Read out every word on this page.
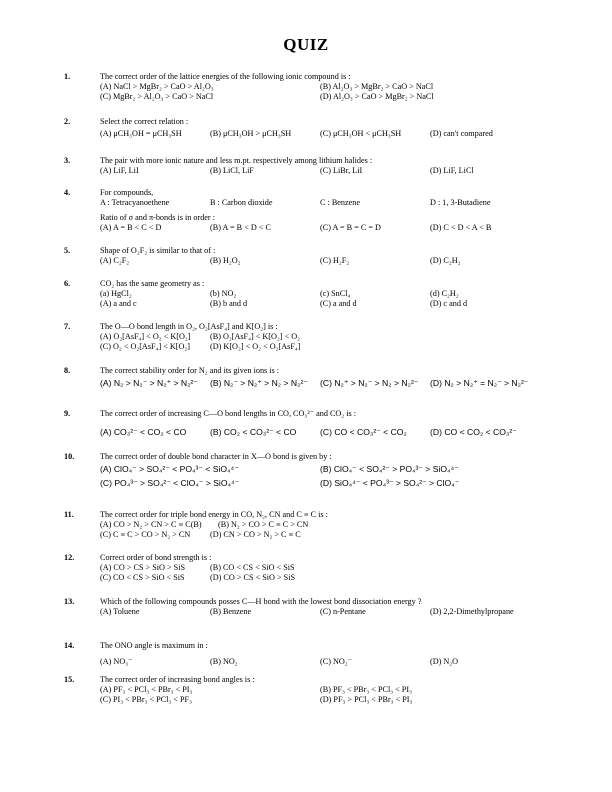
QUIZ
1.	The correct order of the lattice energies of the following ionic compound is :
(A) NaCl > MgBr₂ > CaO > Al₂O₃	(B) Al₂O₃ > MgBr₂ > CaO > NaCl
(C) MgBr₂ > Al₂O₃ > CaO > NaCl	(D) Al₂O₃ > CaO > MgBr₂ > NaCl
2.	Select the correct relation :
(A) μCH₃OH = μCH₃SH	(B) μCH₃OH > μCH₃SH	(C) μCH₃OH < μCH₃SH	(D) can't compared
3.	The pair with more ionic nature and less m.pt. respectively among lithium halides :
(A) LiF, LiI	(B) LiCl, LiF	(C) LiBr, LiI	(D) LiF, LiCl
4.	For compounds,
A : Tetracyanoethene	B : Carbon dioxide	C : Benzene	D : 1, 3-Butadiene
Ratio of σ and π-bonds is in order :
(A) A = B < C < D	(B) A = B < D < C	(C) A = B = C = D	(D) C < D < A < B
5.	Shape of O₂F₂ is similar to that of :
(A) C₂F₂	(B) H₂O₂	(C) H₂F₂	(D) C₂H₂
6.	CO₂ has the same geometry as :
(a) HgCl₂	(b) NO₂	(c) SnCl₄	(d) C₂H₂
(A) a and c	(B) b and d	(C) a and d	(D) c and d
7.	The O—O bond length in O₂, O₂[AsF₄] and K[O₂] is :
(A) O₂[AsF₄] < O₂ < K[O₂] (B) O₂[AsF₄] < K[O₂] < O₂
(C) O₂ < O₂[AsF₄] < K[O₂] (D) K[O₂] < O₂ < O₂[AsF₄]
8.	The correct stability order for N₂ and its given ions is :
(A) N₂ > N₂⁻ > N₂⁺ > N₂²⁻ (B) N₂⁻ > N₂⁺ > N₂ > N₂²⁻ (C) N₂⁺ > N₂⁻ > N₂ > N₂²⁻ (D) N₂ > N₂⁺ = N₂⁻ > N₂²⁻
9.	The correct order of increasing C—O bond lengths in CO, CO₃²⁻ and CO₂ is :
(A) CO₃²⁻ < CO₂ < CO	(B) CO₂ < CO₃²⁻ < CO	(C) CO < CO₃²⁻ < CO₂	(D) CO < CO₂ < CO₃²⁻
10.	The correct order of double bond character in X—O bond is given by :
(A) ClO₄⁻ > SO₄²⁻ < PO₄³⁻ < SiO₄⁴⁻	(B) ClO₄⁻ < SO₄²⁻ > PO₄³⁻ > SiO₄⁴⁻
(C) PO₄³⁻ > SO₄²⁻ < ClO₄⁻ > SiO₄⁴⁻	(D) SiO₄⁴⁻ < PO₄³⁻ > SO₄²⁻ > ClO₄⁻
11.	The correct order for triple bond energy in CO, N₂, CN and C ≡ C is :
(A) CO > N₂ > CN > C ≡ C(B) (B) N₂ > CO > C ≡ C > CN
(C) C ≡ C > CO > N₂ > CN (D) CN > CO > N₂ > C ≡ C
12.	Correct order of bond strength is :
(A) CO > CS > SiO > SiS	(B) CO < CS < SiO < SiS
(C) CO < CS > SiO < SiS	(D) CO > CS < SiO > SiS
13.	Which of the following compounds posses C—H bond with the lowest bond dissociation energy ?
(A) Toluene	(B) Benzene	(C) n-Pentane	(D) 2,2-Dimethylpropane
14.	The ONO angle is maximum in :
(A) NO₃⁻	(B) NO₂	(C) NO₂⁻	(D) N₂O
15.	The correct order of increasing bond angles is :
(A) PF₃ < PCl₃ < PBr₃ < PI₃	(B) PF₃ < PBr₃ < PCl₃ < PI₃
(C) PI₃ < PBr₃ < PCl₃ < PF₃	(D) PF₃ > PCl₃ < PBr₃ < PI₃
